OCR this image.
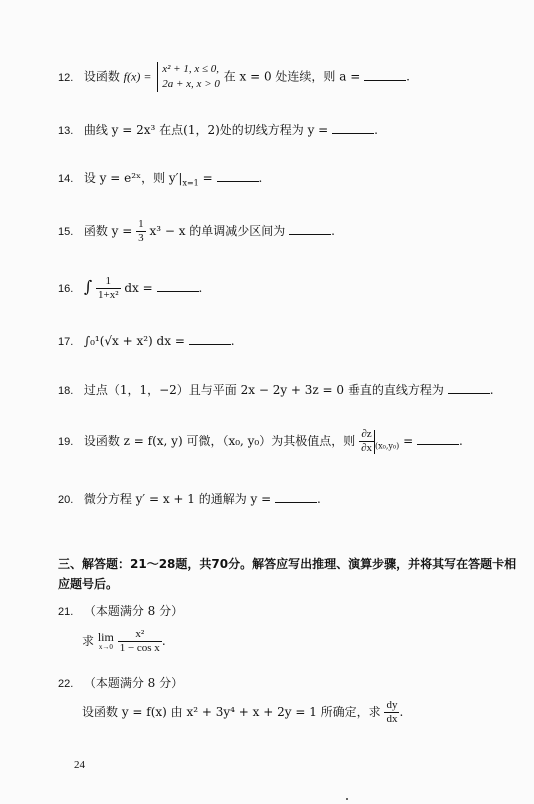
12. 设函数 f(x) =
x² + 1, x ≤ 0,
2a + x, x > 0
在 x = 0 处连续，则 a =	.
13. 曲线 y = 2x³ 在点(1，2)处的切线方程为 y =	.
14. 设 y = e²ˣ，则 $y'|_{x=1}$ =	.
15. 函数 $y = \frac{1}{3} x^3 - x$ 的单调减少区间为	.
16. ∫ $\frac{1}{\text{1+x²}}$ dx =	.
17. ∫₀¹(√x + x²) dx =	.
18. 过点（1，1，−2）且与平面 2x − 2y + 3z = 0 垂直的直线方程为	.
19. 设函数 z = f(x, y) 可微，（x₀, y₀）为其极值点，则 $\frac{\partial z}{\partial x} _{(x_0,y_0)}$ =	.
20. 微分方程 y′ = x + 1 的通解为 y =	.
三、解答题：21～28题，共70分。解答应写出推理、演算步骤，并将其写在答题卡相应题号后。
21. （本题满分 8 分）
求 lim
x→0
$\frac{\text{x²}}{\text{1 − cos x}}$ .
22. （本题满分 8 分）
设函数 y = f(x) 由 x² + 3y⁴ + x + 2y = 1 所确定，求 $\frac{dy}{dx}$ .
24
